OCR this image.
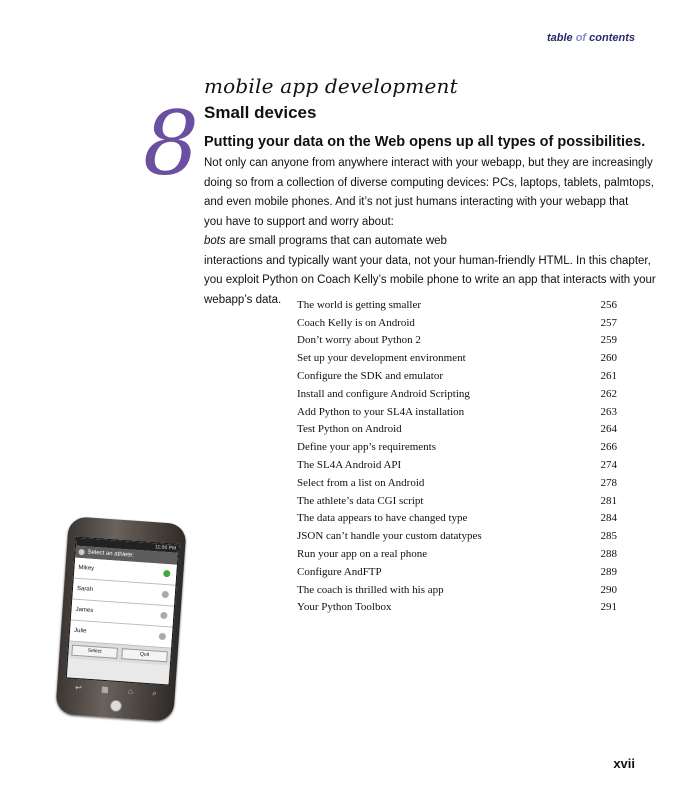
table of contents
8
mobile app development
Small devices
Putting your data on the Web opens up all types of possibilities.
Not only can anyone from anywhere interact with your webapp, but they are increasingly
doing so from a collection of diverse computing devices: PCs, laptops, tablets, palmtops,
and even mobile phones. And it’s not just humans interacting with your webapp that
you have to support and worry about:
bots are small programs that can automate web
interactions and typically want your data, not your human-friendly HTML. In this chapter,
you exploit Python on Coach Kelly’s mobile phone to write an app that interacts with your
webapp’s data.	The world is getting smaller	256
Coach Kelly is on Android	257
Don’t worry about Python 2	259
Set up your development environment	260
Configure the SDK and emulator	261
Install and configure Android Scripting	262
Add Python to your SL4A installation	263
Test Python on Android	264
Define your app’s requirements	266
The SL4A Android API	274
Select from a list on Android	278
The athlete’s data CGI script	281
The data appears to have changed type	284
JSON can’t handle your custom datatypes	285
Run your app on a real phone	288
Configure AndFTP	289
The coach is thrilled with his app	290
Your Python Toolbox	291
11:00 PM
Select an athlete:
Mikey
Sarah
James
Julie
Select
Quit
↩ ▦ ⌂ ⌕
xvii
